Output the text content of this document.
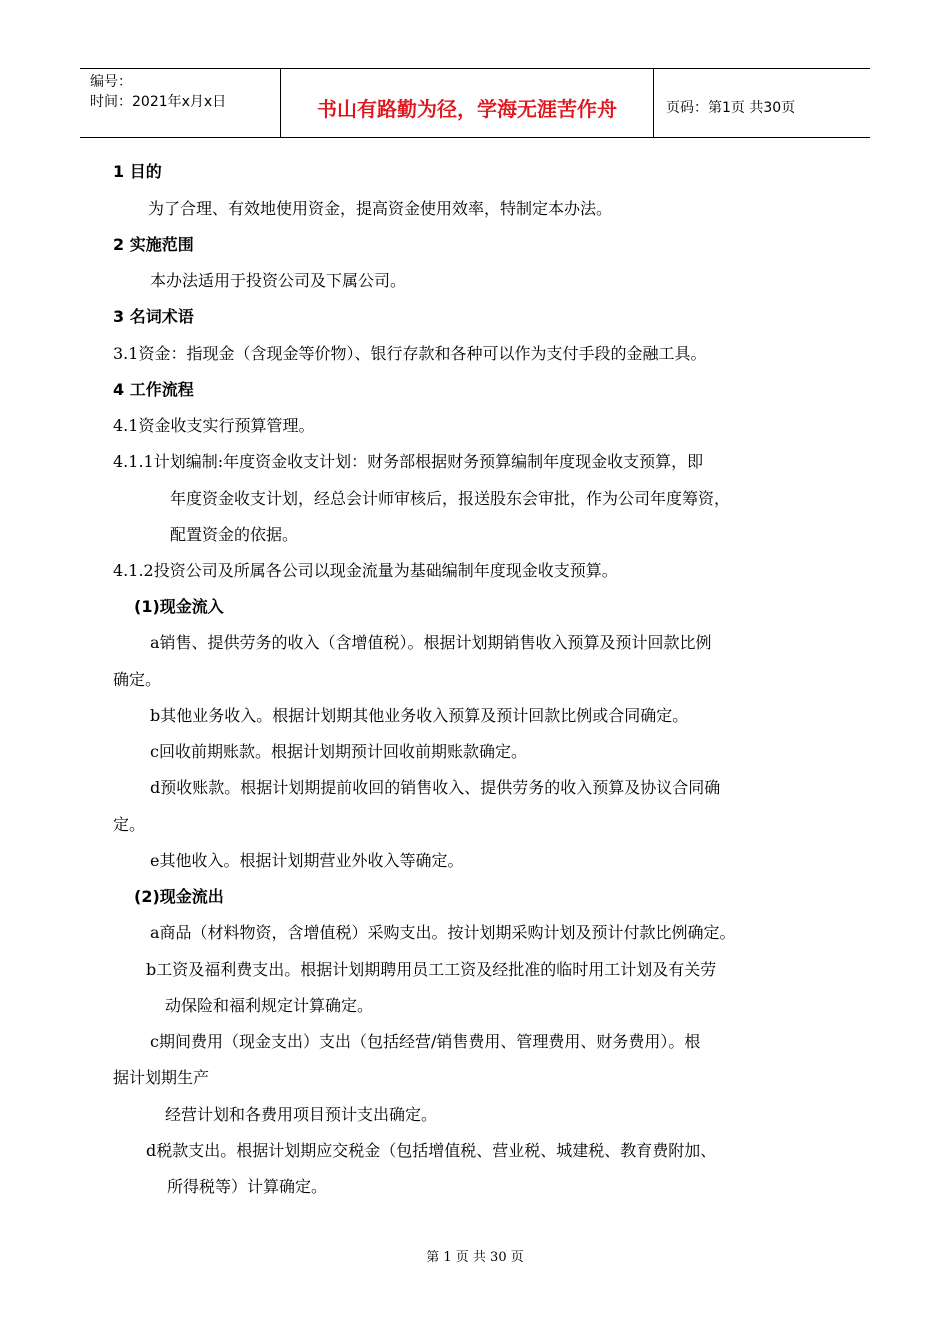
编号：
时间：2021年x月x日	书山有路勤为径，学海无涯苦作舟	页码：第1页 共30页
1 目的
为了合理、有效地使用资金，提高资金使用效率，特制定本办法。
2 实施范围
本办法适用于投资公司及下属公司。
3 名词术语
3.1资金：指现金（含现金等价物）、银行存款和各种可以作为支付手段的金融工具。
4 工作流程
4.1资金收支实行预算管理。
4.1.1计划编制:年度资金收支计划：财务部根据财务预算编制年度现金收支预算，即
年度资金收支计划，经总会计师审核后，报送股东会审批，作为公司年度筹资，
配置资金的依据。
4.1.2投资公司及所属各公司以现金流量为基础编制年度现金收支预算。
(1)现金流入
a销售、提供劳务的收入（含增值税）。根据计划期销售收入预算及预计回款比例
确定。
b其他业务收入。根据计划期其他业务收入预算及预计回款比例或合同确定。
c回收前期账款。根据计划期预计回收前期账款确定。
d预收账款。根据计划期提前收回的销售收入、提供劳务的收入预算及协议合同确
定。
e其他收入。根据计划期营业外收入等确定。
(2)现金流出
a商品（材料物资，含增值税）采购支出。按计划期采购计划及预计付款比例确定。
b工资及福利费支出。根据计划期聘用员工工资及经批准的临时用工计划及有关劳
动保险和福利规定计算确定。
c期间费用（现金支出）支出（包括经营/销售费用、管理费用、财务费用）。根
据计划期生产
经营计划和各费用项目预计支出确定。
d税款支出。根据计划期应交税金（包括增值税、营业税、城建税、教育费附加、
所得税等）计算确定。
第 1 页 共 30 页
